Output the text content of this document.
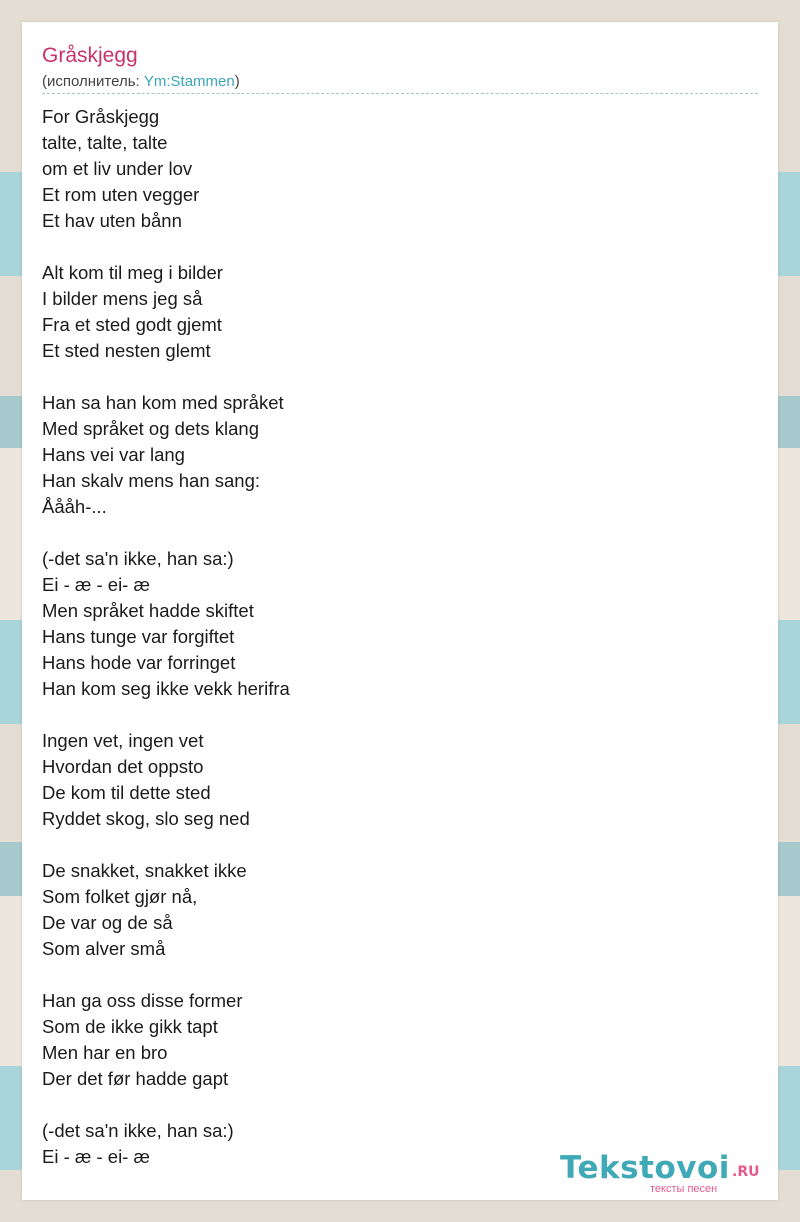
Gråskjegg
(исполнитель: Ym:Stammen)
For Gråskjegg
talte, talte, talte
om et liv under lov
Et rom uten vegger
Et hav uten bånn
Alt kom til meg i bilder
I bilder mens jeg så
Fra et sted godt gjemt
Et sted nesten glemt
Han sa han kom med språket
Med språket og dets klang
Hans vei var lang
Han skalv mens han sang:
Åååh-...
(-det sa'n ikke, han sa:)
Ei - æ - ei- æ
Men språket hadde skiftet
Hans tunge var forgiftet
Hans hode var forringet
Han kom seg ikke vekk herifra
Ingen vet, ingen vet
Hvordan det oppsto
De kom til dette sted
Ryddet skog, slo seg ned
De snakket, snakket ikke
Som folket gjør nå,
De var og de så
Som alver små
Han ga oss disse former
Som de ikke gikk tapt
Men har en bro
Der det før hadde gapt
(-det sa'n ikke, han sa:)
Ei - æ - ei- æ	Tekstovoi .RU
тексты песен
